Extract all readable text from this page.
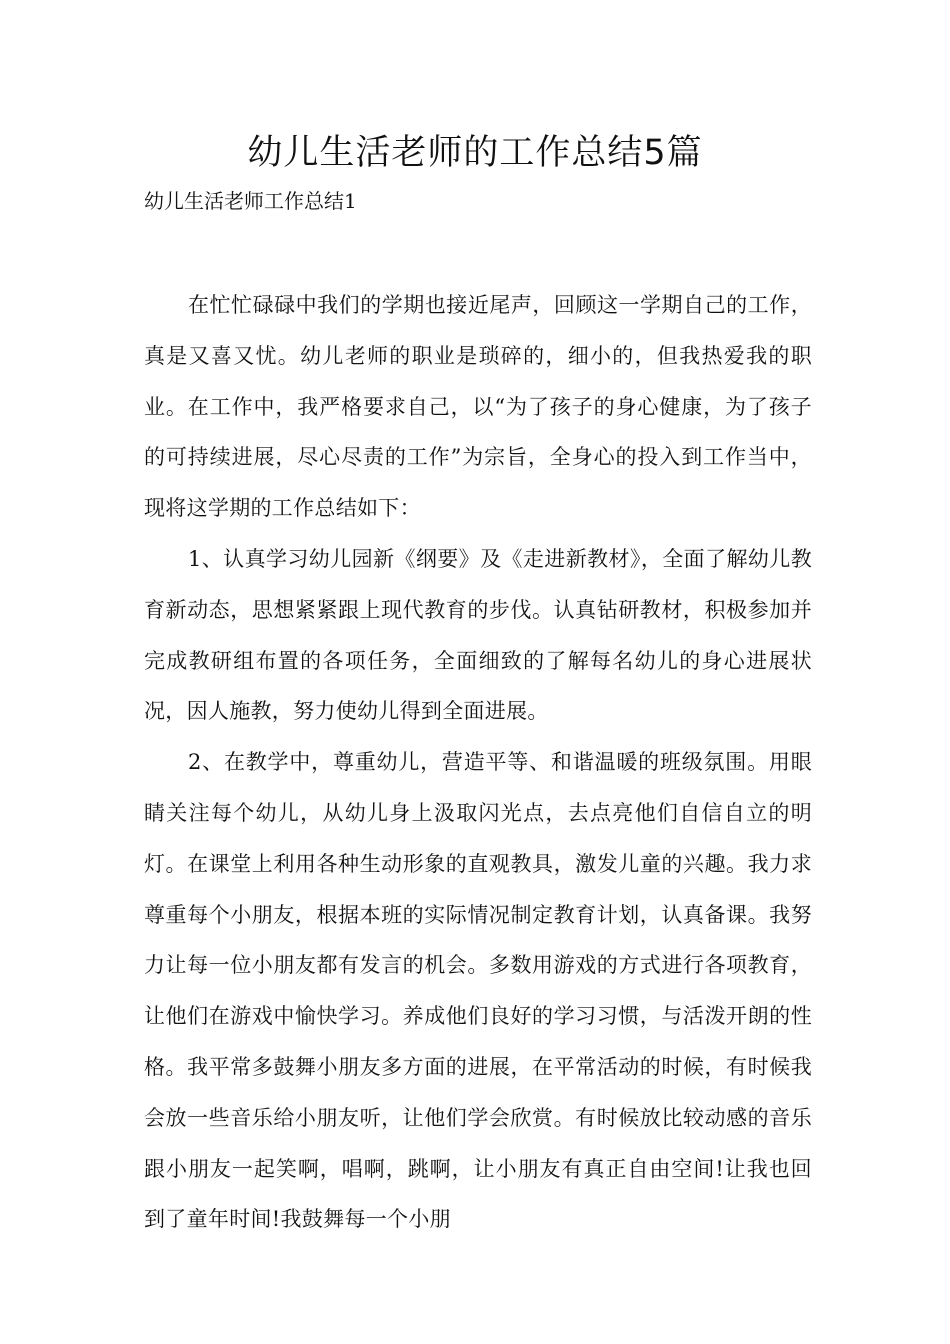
幼儿生活老师的工作总结5篇

幼儿生活老师工作总结1

在忙忙碌碌中我们的学期也接近尾声，回顾这一学期自己的工作，真是又喜又忧。幼儿老师的职业是琐碎的，细小的，但我热爱我的职业。在工作中，我严格要求自己，以“为了孩子的身心健康，为了孩子的可持续进展，尽心尽责的工作”为宗旨，全身心的投入到工作当中，现将这学期的工作总结如下：

1、认真学习幼儿园新《纲要》及《走进新教材》，全面了解幼儿教育新动态，思想紧紧跟上现代教育的步伐。认真钻研教材，积极参加并完成教研组布置的各项任务，全面细致的了解每名幼儿的身心进展状况，因人施教，努力使幼儿得到全面进展。

2、在教学中，尊重幼儿，营造平等、和谐温暖的班级氛围。用眼睛关注每个幼儿，从幼儿身上汲取闪光点，去点亮他们自信自立的明灯。在课堂上利用各种生动形象的直观教具，激发儿童的兴趣。我力求尊重每个小朋友，根据本班的实际情况制定教育计划，认真备课。我努力让每一位小朋友都有发言的机会。多数用游戏的方式进行各项教育，让他们在游戏中愉快学习。养成他们良好的学习习惯，与活泼开朗的性格。我平常多鼓舞小朋友多方面的进展，在平常活动的时候，有时候我会放一些音乐给小朋友听，让他们学会欣赏。有时候放比较动感的音乐跟小朋友一起笑啊，唱啊，跳啊，让小朋友有真正自由空间!让我也回到了童年时间!我鼓舞每一个小朋
